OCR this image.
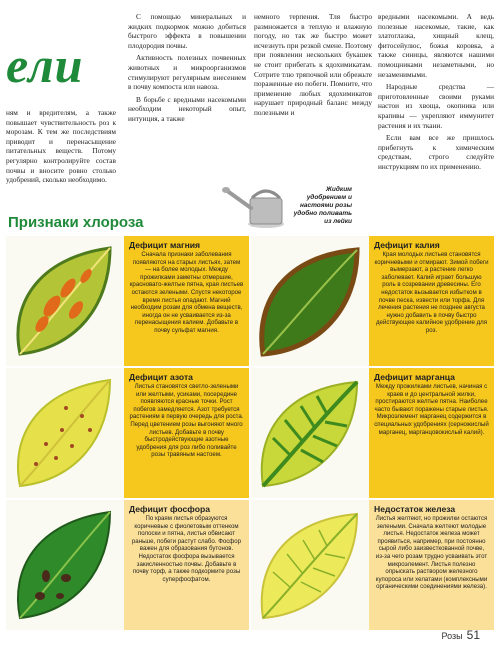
ели

ням и вредителям, а также повышает чувствительность роз к морозам. К тем же последствиям приводит и перенасыщение питательных веществ. Потому регулярно контролируйте состав почвы и вносите ровно столько удобрений, сколько необходимо.

С помощью минеральных и жидких подкормок можно добиться быстрого эффекта в повышении плодородия почвы.

Активность полезных почвенных животных и микроорганизмов стимулируют регулярным внесением в почву компоста или навоза.

В борьбе с вредными насекомыми необходим некоторый опыт, интуиция, а также

немного терпения. Тля быстро размножается в теплую и влажную погоду, но так же быстро может исчезнуть при резкой смене. Поэтому при появлении нескольких букашек не стоит прибегать к ядохимикатам. Сотрите тлю тряпочкой или обрежьте пораженные ею побеги. Помните, что применение любых ядохимикатов нарушает природный баланс между полезными и

вредными насекомыми. А ведь полезные насекомые, такие, как златоглазка, хищный клещ, фитосейулюс, божья коровка, а также синицы, являются нашими помощниками незаметными, но незаменимыми.

Народные средства — приготовленные своими руками настои из хвоща, окопника или крапивы — укрепляют иммунитет растения и их ткани.

Если вам все же пришлось прибегнуть к химическим средствам, строго следуйте инструкциям по их применению.

Жидким удобрением и настоями розы удобно поливать из лейки
Признаки хлороза
Дефицит магния
Сначала признаки заболевания появляются на старых листьях, затем — на более молодых. Между прожилками заметны отмершие, красновато-желтые пятна, края листьев остаются зелеными. Спустя некоторое время листья опадают. Магний необходим розам для обмена веществ, иногда он не усваивается из-за перенасыщения калием. Добавьте в почву сульфат магния.
Дефицит калия
Края молодых листьев становятся коричневыми и отмирают. Зимой побеги вымерзают, а растение легко заболевает. Калий играет большую роль в созревании древесины. Его недостаток вызывается избытком в почве песка, извести или торфа. Для лечения растения не позднее августа нужно добавить в почву быстро действующее калийное удобрение для роз.
Дефицит азота
Листья становятся светло-зелеными или желтыми, усиками, посередине появляются красные точки. Рост побегов замедляется. Азот требуется растениям в первую очередь для роста. Перед цветением розы выгоняют много листьев. Добавьте в почву быстродействующие азотные удобрения для роз либо поливайте розы травяным настоем.
Дефицит марганца
Между прожилками листьев, начиная с краев и до центральной жилки, простираются желтые пятна. Наиболее часто бывают поражены старые листья. Микроэлемент марганец содержится в специальных удобрениях (серножислый марганец, марганцовокислый калий).
Дефицит фосфора
По краям листья образуются коричневые с фиолетовым оттенком полоски и пятна, листья обвисают раньше, побеги растут слабо. Фосфор важен для образования бутонов. Недостаток фосфора вызывается закисленностью почвы. Добавьте в почву торф, а также подкормите розы суперфосфатом.
Недостаток железа
Листья желтеют, но прожилки остаются зелеными. Сначала желтеют молодые листья. Недостаток железа может проявиться, например, при постоянно сырой либо заизвесткованной почве, из-за чего розам трудно усваивать этот микроэлемент. Листья полезно опрыскать раствором железного купороса или хелатами (комплексными органическими соединениями железа).
Розы 51
